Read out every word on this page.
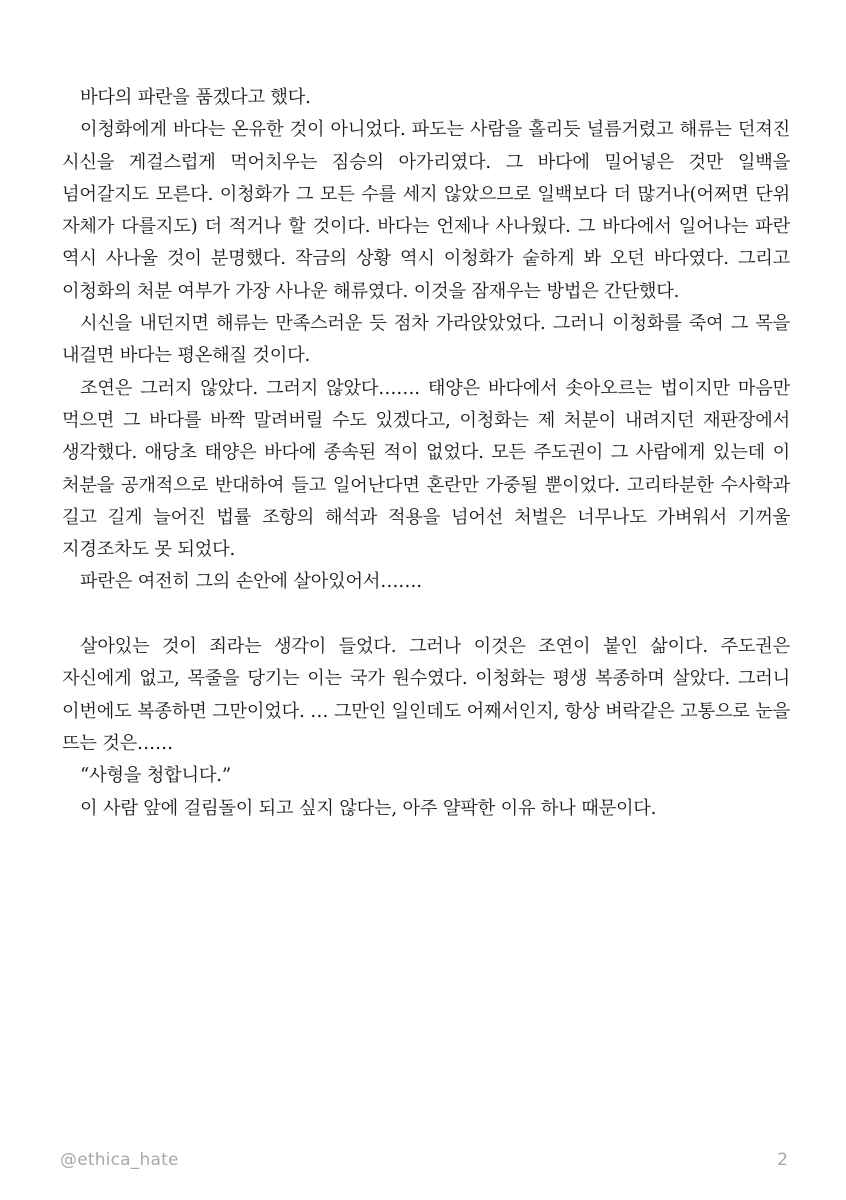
바다의 파란을 품겠다고 했다.

이청화에게 바다는 온유한 것이 아니었다. 파도는 사람을 홀리듯 널름거렸고 해류는 던져진 시신을 게걸스럽게 먹어치우는 짐승의 아가리였다. 그 바다에 밀어넣은 것만 일백을 넘어갈지도 모른다. 이청화가 그 모든 수를 세지 않았으므로 일백보다 더 많거나(어쩌면 단위 자체가 다를지도) 더 적거나 할 것이다. 바다는 언제나 사나웠다. 그 바다에서 일어나는 파란 역시 사나울 것이 분명했다. 작금의 상황 역시 이청화가 숱하게 봐 오던 바다였다. 그리고 이청화의 처분 여부가 가장 사나운 해류였다. 이것을 잠재우는 방법은 간단했다.

시신을 내던지면 해류는 만족스러운 듯 점차 가라앉았었다. 그러니 이청화를 죽여 그 목을 내걸면 바다는 평온해질 것이다.

조연은 그러지 않았다. 그러지 않았다……. 태양은 바다에서 솟아오르는 법이지만 마음만 먹으면 그 바다를 바짝 말려버릴 수도 있겠다고, 이청화는 제 처분이 내려지던 재판장에서 생각했다. 애당초 태양은 바다에 종속된 적이 없었다. 모든 주도권이 그 사람에게 있는데 이 처분을 공개적으로 반대하여 들고 일어난다면 혼란만 가중될 뿐이었다. 고리타분한 수사학과 길고 길게 늘어진 법률 조항의 해석과 적용을 넘어선 처벌은 너무나도 가벼워서 기꺼울 지경조차도 못 되었다.

파란은 여전히 그의 손안에 살아있어서…….

살아있는 것이 죄라는 생각이 들었다. 그러나 이것은 조연이 붙인 삶이다. 주도권은 자신에게 없고, 목줄을 당기는 이는 국가 원수였다. 이청화는 평생 복종하며 살았다. 그러니 이번에도 복종하면 그만이었다. … 그만인 일인데도 어째서인지, 항상 벼락같은 고통으로 눈을 뜨는 것은……

“사형을 청합니다.”

이 사람 앞에 걸림돌이 되고 싶지 않다는, 아주 얄팍한 이유 하나 때문이다.

@ethica_hate	2
